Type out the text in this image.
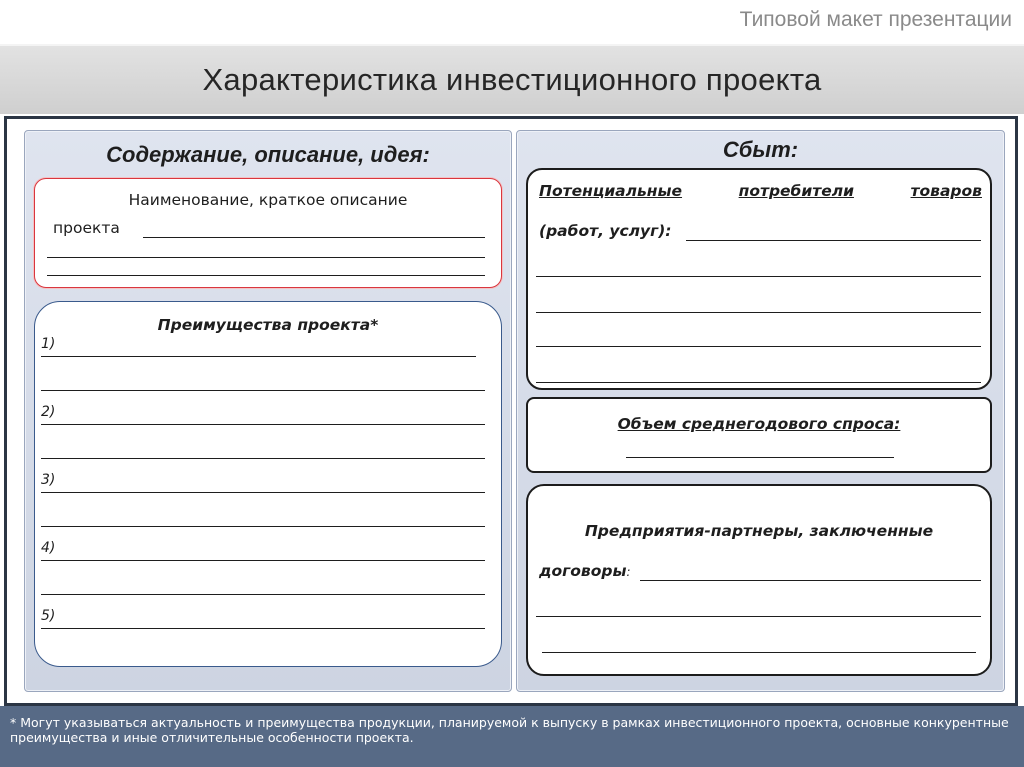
Типовой макет презентации
Характеристика инвестиционного проекта
Содержание, описание, идея:
Наименование, краткое описание
проекта
Преимущества проекта*
1)
2)
3)
4)
5)
Сбыт:
Потенциальные	потребители	товаров
(работ, услуг):
Объем среднегодового спроса:
Предприятия-партнеры, заключенные
договоры:
* Могут указываться актуальность и преимущества продукции, планируемой к выпуску в рамках инвестиционного проекта, основные конкурентные преимущества и иные отличительные особенности проекта.
